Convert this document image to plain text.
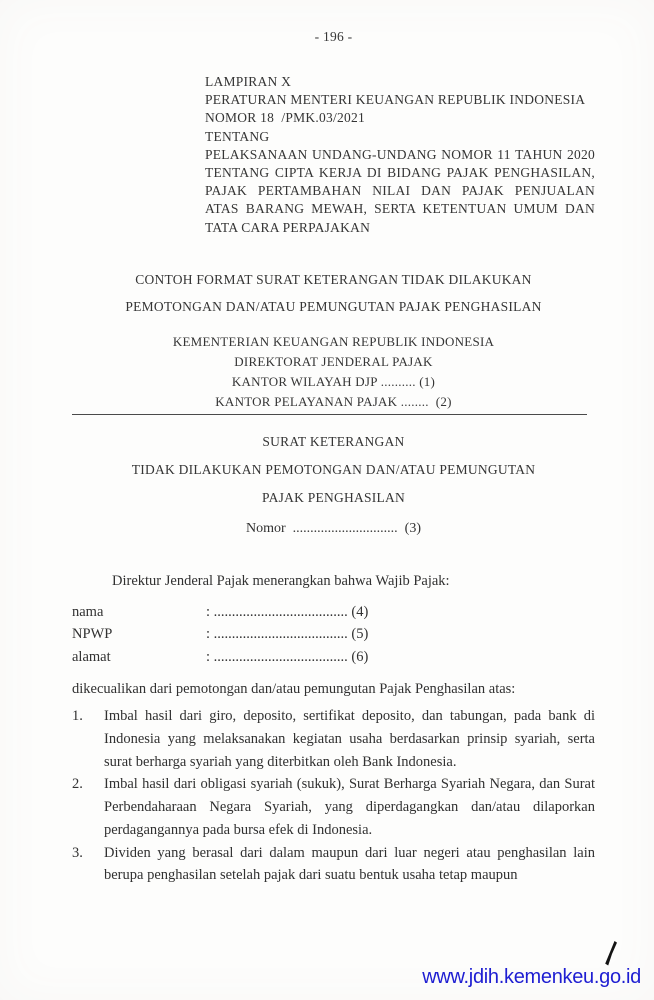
- 196 -
LAMPIRAN X
PERATURAN MENTERI KEUANGAN REPUBLIK INDONESIA
NOMOR 18  /PMK.03/2021
TENTANG
PELAKSANAAN UNDANG-UNDANG NOMOR 11 TAHUN 2020 TENTANG CIPTA KERJA DI BIDANG PAJAK PENGHASILAN, PAJAK PERTAMBAHAN NILAI DAN PAJAK PENJUALAN ATAS BARANG MEWAH, SERTA KETENTUAN UMUM DAN TATA CARA PERPAJAKAN
CONTOH FORMAT SURAT KETERANGAN TIDAK DILAKUKAN
PEMOTONGAN DAN/ATAU PEMUNGUTAN PAJAK PENGHASILAN
KEMENTERIAN KEUANGAN REPUBLIK INDONESIA
DIREKTORAT JENDERAL PAJAK
KANTOR WILAYAH DJP .......... (1)
KANTOR PELAYANAN PAJAK ........  (2)
SURAT KETERANGAN
TIDAK DILAKUKAN PEMOTONGAN DAN/ATAU PEMUNGUTAN
PAJAK PENGHASILAN
Nomor  ..............................  (3)
Direktur Jenderal Pajak menerangkan bahwa Wajib Pajak:
nama	: ..................................... (4)
NPWP	: ..................................... (5)
alamat	: ..................................... (6)
dikecualikan dari pemotongan dan/atau pemungutan Pajak Penghasilan atas:
1.	Imbal hasil dari giro, deposito, sertifikat deposito, dan tabungan, pada bank di Indonesia yang melaksanakan kegiatan usaha berdasarkan prinsip syariah, serta surat berharga syariah yang diterbitkan oleh Bank Indonesia.
2.	Imbal hasil dari obligasi syariah (sukuk), Surat Berharga Syariah Negara, dan Surat Perbendaharaan Negara Syariah, yang diperdagangkan dan/atau dilaporkan perdagangannya pada bursa efek di Indonesia.
3.	Dividen yang berasal dari dalam maupun dari luar negeri atau penghasilan lain berupa penghasilan setelah pajak dari suatu bentuk usaha tetap maupun
www.jdih.kemenkeu.go.id
